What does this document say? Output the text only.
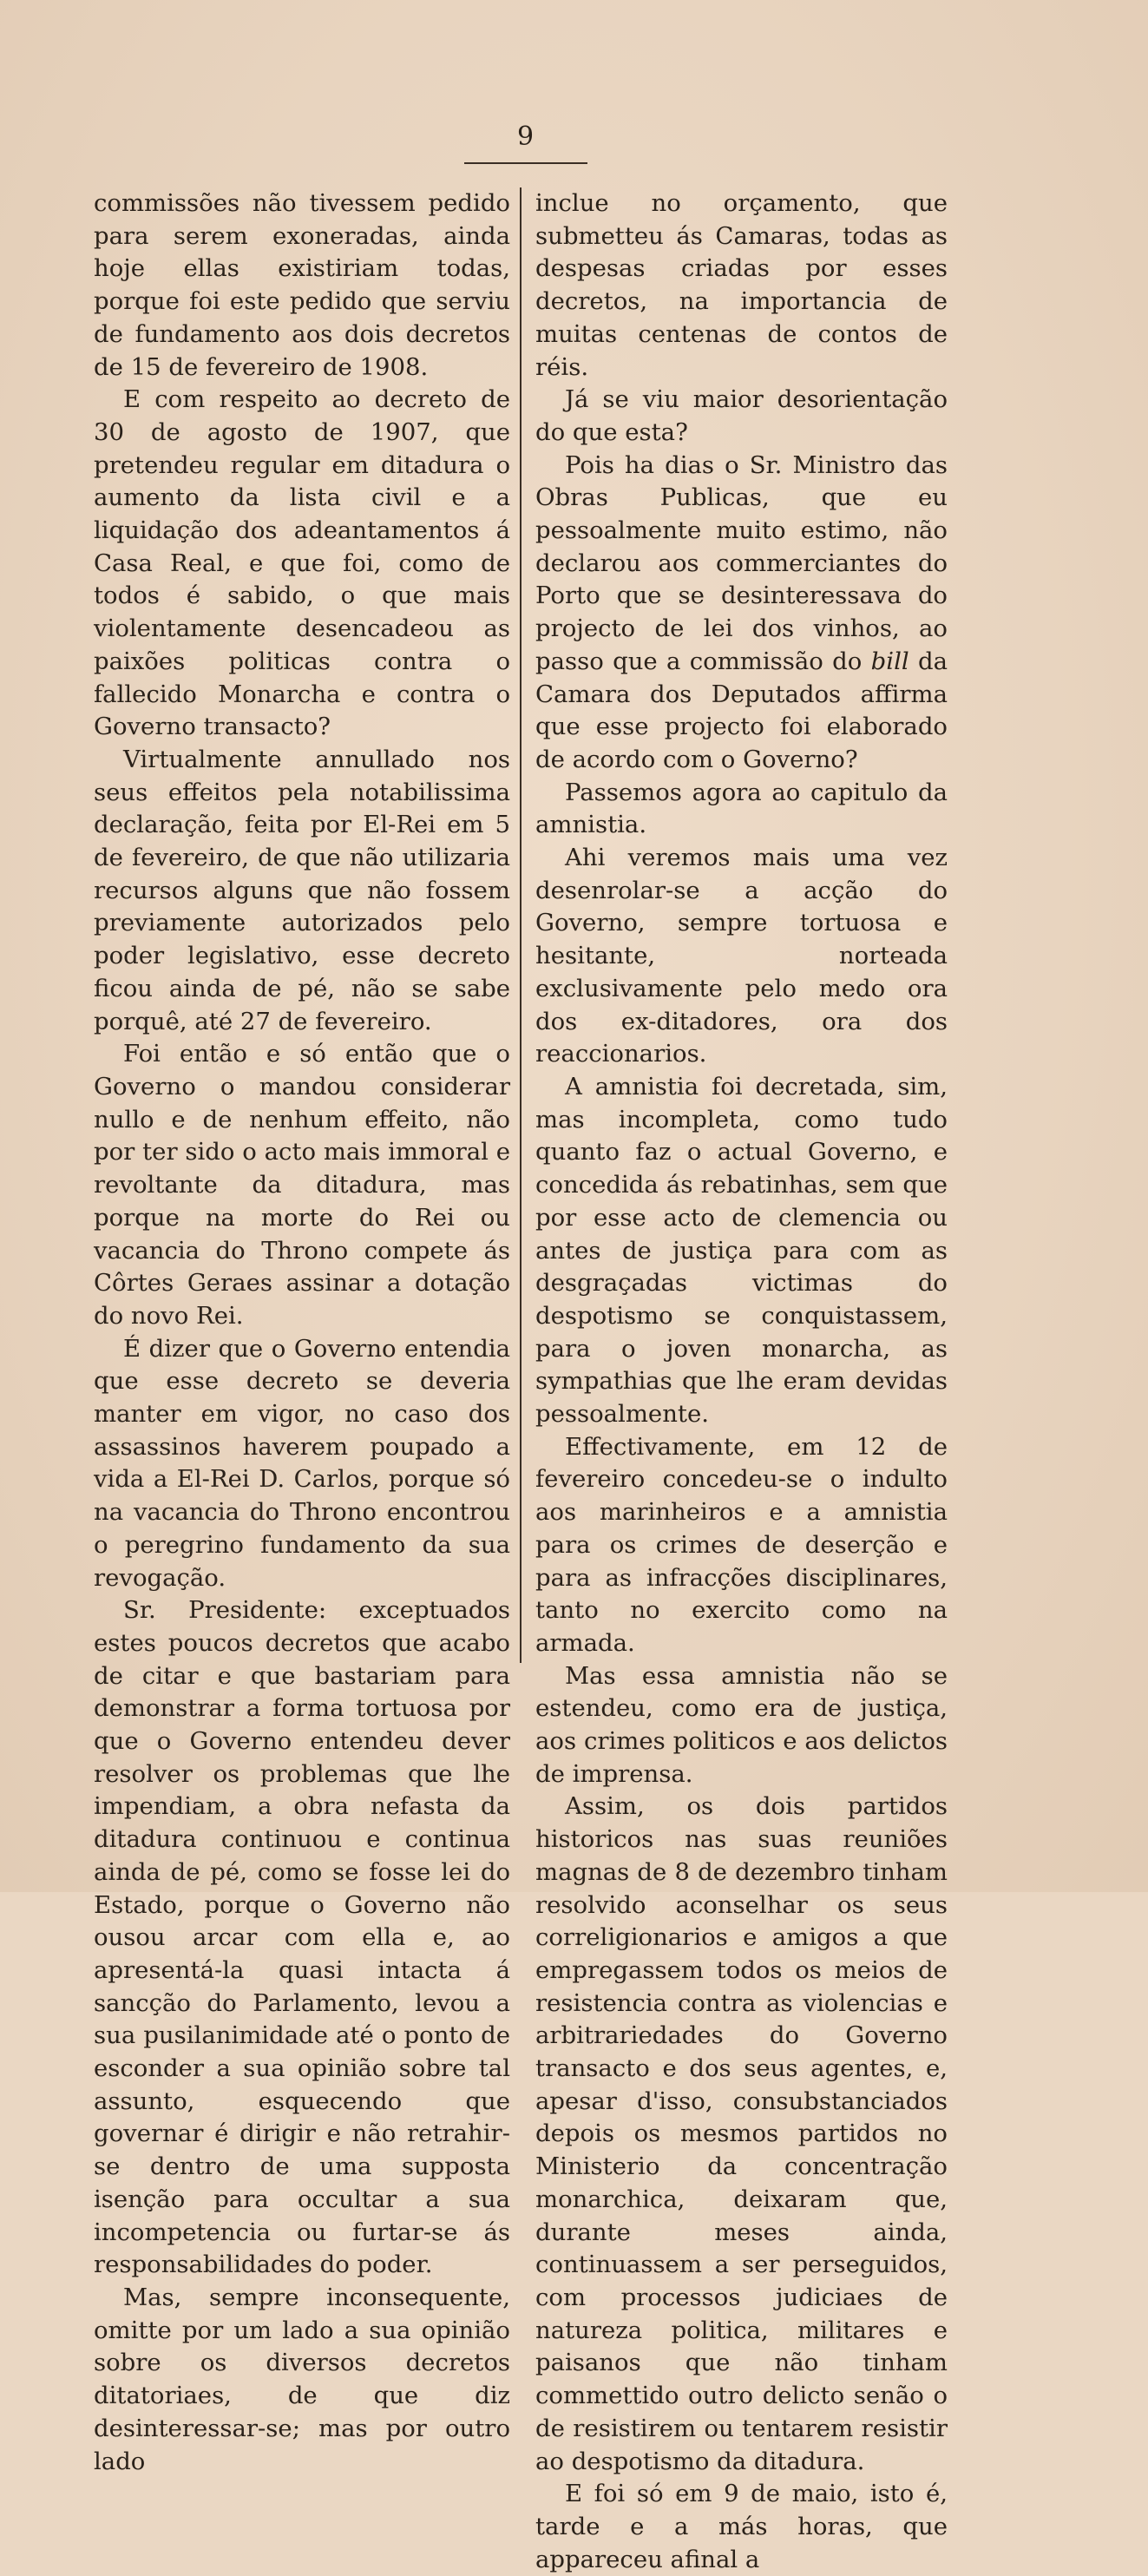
9

commissões não tivessem pedido para serem exoneradas, ainda hoje ellas existiriam todas, porque foi este pedido que serviu de fundamento aos dois decretos de 15 de fevereiro de 1908.

E com respeito ao decreto de 30 de agosto de 1907, que pretendeu regular em ditadura o aumento da lista civil e a liquidação dos adeantamentos á Casa Real, e que foi, como de todos é sabido, o que mais violentamente desencadeou as paixões politicas contra o fallecido Monarcha e contra o Governo transacto?

Virtualmente annullado nos seus effeitos pela notabilissima declaração, feita por El-Rei em 5 de fevereiro, de que não utilizaria recursos alguns que não fossem previamente autorizados pelo poder legislativo, esse decreto ficou ainda de pé, não se sabe porquê, até 27 de fevereiro.

Foi então e só então que o Governo o mandou considerar nullo e de nenhum effeito, não por ter sido o acto mais immoral e revoltante da ditadura, mas porque na morte do Rei ou vacancia do Throno compete ás Côrtes Geraes assinar a dotação do novo Rei.

É dizer que o Governo entendia que esse decreto se deveria manter em vigor, no caso dos assassinos haverem poupado a vida a El-Rei D. Carlos, porque só na vacancia do Throno encontrou o peregrino fundamento da sua revogação.

Sr. Presidente: exceptuados estes poucos decretos que acabo de citar e que bastariam para demonstrar a forma tortuosa por que o Governo entendeu dever resolver os problemas que lhe impendiam, a obra nefasta da ditadura continuou e continua ainda de pé, como se fosse lei do Estado, porque o Governo não ousou arcar com ella e, ao apresentá-la quasi intacta á sancção do Parlamento, levou a sua pusilanimidade até o ponto de esconder a sua opinião sobre tal assunto, esquecendo que governar é dirigir e não retrahir-se dentro de uma supposta isenção para occultar a sua incompetencia ou furtar-se ás responsabilidades do poder.

Mas, sempre inconsequente, omitte por um lado a sua opinião sobre os diversos decretos ditatoriaes, de que diz desinteressar-se; mas por outro lado

inclue no orçamento, que submetteu ás Camaras, todas as despesas criadas por esses decretos, na importancia de muitas centenas de contos de réis.

Já se viu maior desorientação do que esta?

Pois ha dias o Sr. Ministro das Obras Publicas, que eu pessoalmente muito estimo, não declarou aos commerciantes do Porto que se desinteressava do projecto de lei dos vinhos, ao passo que a commissão do bill da Camara dos Deputados affirma que esse projecto foi elaborado de acordo com o Governo?

Passemos agora ao capitulo da amnistia.

Ahi veremos mais uma vez desenrolar-se a acção do Governo, sempre tortuosa e hesitante, norteada exclusivamente pelo medo ora dos ex-ditadores, ora dos reaccionarios.

A amnistia foi decretada, sim, mas incompleta, como tudo quanto faz o actual Governo, e concedida ás rebatinhas, sem que por esse acto de clemencia ou antes de justiça para com as desgraçadas victimas do despotismo se conquistassem, para o joven monarcha, as sympathias que lhe eram devidas pessoalmente.

Effectivamente, em 12 de fevereiro concedeu-se o indulto aos marinheiros e a amnistia para os crimes de deserção e para as infracções disciplinares, tanto no exercito como na armada.

Mas essa amnistia não se estendeu, como era de justiça, aos crimes politicos e aos delictos de imprensa.

Assim, os dois partidos historicos nas suas reuniões magnas de 8 de dezembro tinham resolvido aconselhar os seus correligionarios e amigos a que empregassem todos os meios de resistencia contra as violencias e arbitrariedades do Governo transacto e dos seus agentes, e, apesar d'isso, consubstanciados depois os mesmos partidos no Ministerio da concentração monarchica, deixaram que, durante meses ainda, continuassem a ser perseguidos, com processos judiciaes de natureza politica, militares e paisanos que não tinham commettido outro delicto senão o de resistirem ou tentarem resistir ao despotismo da ditadura.

E foi só em 9 de maio, isto é, tarde e a más horas, que appareceu afinal a
